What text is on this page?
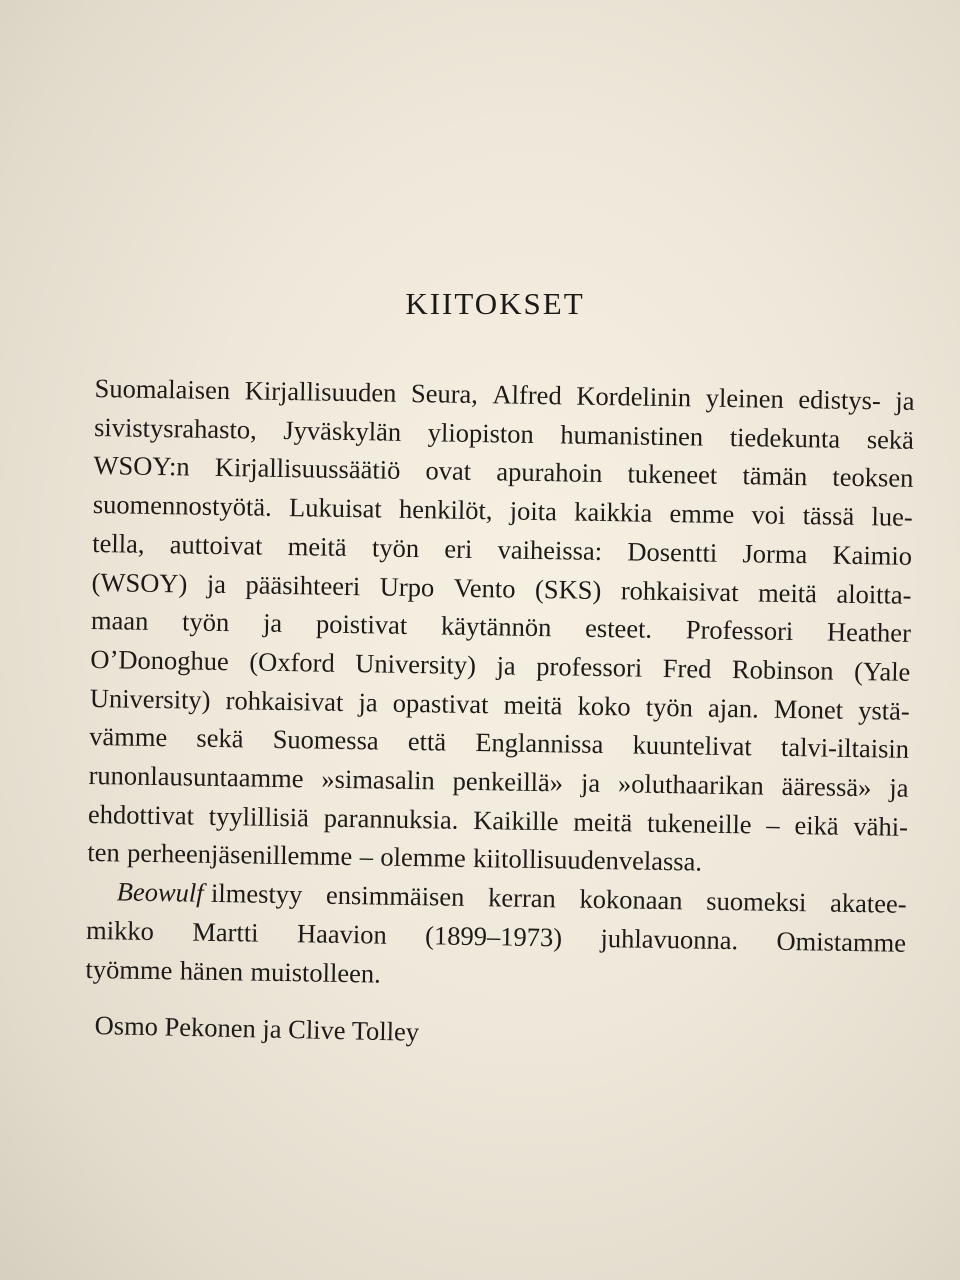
KIITOKSET
Suomalaisen Kirjallisuuden Seura, Alfred Kordelinin yleinen edistys- ja
sivistysrahasto, Jyväskylän yliopiston humanistinen tiedekunta sekä
WSOY:n Kirjallisuussäätiö ovat apurahoin tukeneet tämän teoksen
suomennostyötä. Lukuisat henkilöt, joita kaikkia emme voi tässä lue-
tella, auttoivat meitä työn eri vaiheissa: Dosentti Jorma Kaimio
(WSOY) ja pääsihteeri Urpo Vento (SKS) rohkaisivat meitä aloitta-
maan työn ja poistivat käytännön esteet. Professori Heather
O’Donoghue (Oxford University) ja professori Fred Robinson (Yale
University) rohkaisivat ja opastivat meitä koko työn ajan. Monet ystä-
vämme sekä Suomessa että Englannissa kuuntelivat talvi-iltaisin
runonlausuntaamme »simasalin penkeillä» ja »oluthaarikan ääressä» ja
ehdottivat tyylillisiä parannuksia. Kaikille meitä tukeneille – eikä vähi-
ten perheenjäsenillemme – olemme kiitollisuudenvelassa.
Beowulf ilmestyy ensimmäisen kerran kokonaan suomeksi akatee-
mikko Martti Haavion (1899–1973) juhlavuonna. Omistamme
työmme hänen muistolleen.
Osmo Pekonen ja Clive Tolley
